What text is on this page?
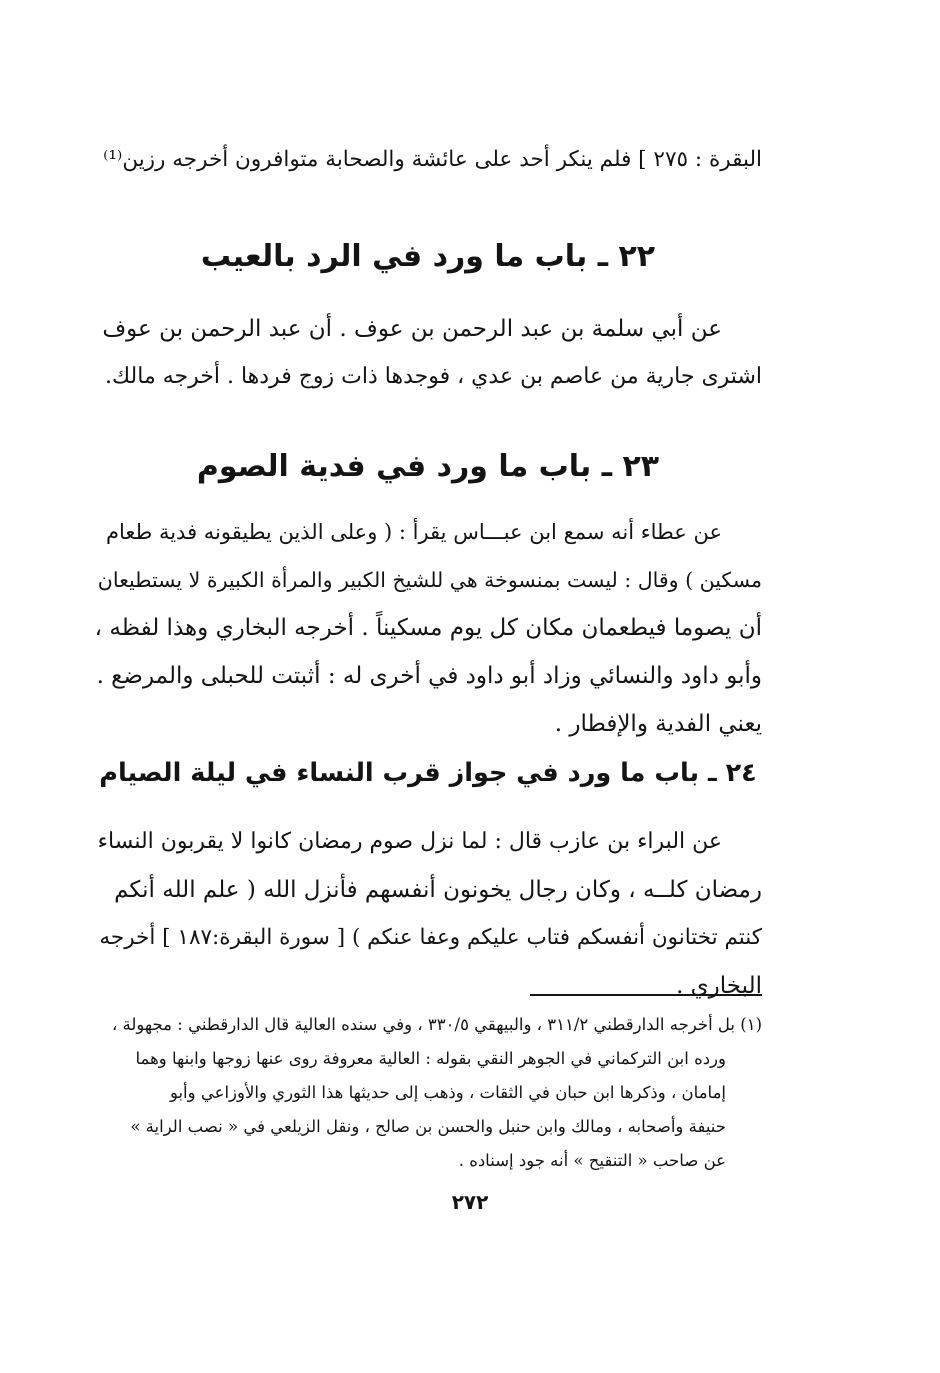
البقرة : ٢٧٥ ] فلم ينكر أحد على عائشة والصحابة متوافرون أخرجه رزين⁽¹⁾
٢٢ ـ باب ما ورد في الرد بالعيب
عن أبي سلمة بن عبد الرحمن بن عوف . أن عبد الرحمن بن عوف
اشترى جارية من عاصم بن عدي ، فوجدها ذات زوج فردها . أخرجه مالك.
٢٣ ـ باب ما ورد في فدية الصوم
عن عطاء أنه سمع ابن عبـــاس يقرأ : ( وعلى الذين يطيقونه فدية طعام
مسكين ) وقال : ليست بمنسوخة هي للشيخ الكبير والمرأة الكبيرة لا يستطيعان
أن يصوما فيطعمان مكان كل يوم مسكيناً . أخرجه البخاري وهذا لفظه ،
وأبو داود والنسائي وزاد أبو داود في أخرى له : أثبتت للحبلى والمرضع .
يعني الفدية والإفطار .
٢٤ ـ باب ما ورد في جواز قرب النساء في ليلة الصيام
عن البراء بن عازب قال : لما نزل صوم رمضان كانوا لا يقربون النساء
رمضان كلــه ، وكان رجال يخونون أنفسهم فأنزل الله ( علم الله أنكم
كنتم تختانون أنفسكم فتاب عليكم وعفا عنكم ) [ سورة البقرة:١٨٧ ] أخرجه
البخاري .
(١) بل أخرجه الدارقطني ٣١١/٢ ، والبيهقي ٣٣٠/٥ ، وفي سنده العالية قال الدارقطني : مجهولة ،
ورده ابن التركماني في الجوهر النقي بقوله : العالية معروفة روى عنها زوجها وابنها وهما
إمامان ، وذكرها ابن حبان في الثقات ، وذهب إلى حديثها هذا الثوري والأوزاعي وأبو
حنيفة وأصحابه ، ومالك وابن حنبل والحسن بن صالح ، ونقل الزيلعي في « نصب الراية »
عن صاحب « التنقيح » أنه جود إسناده .
٢٧٢
